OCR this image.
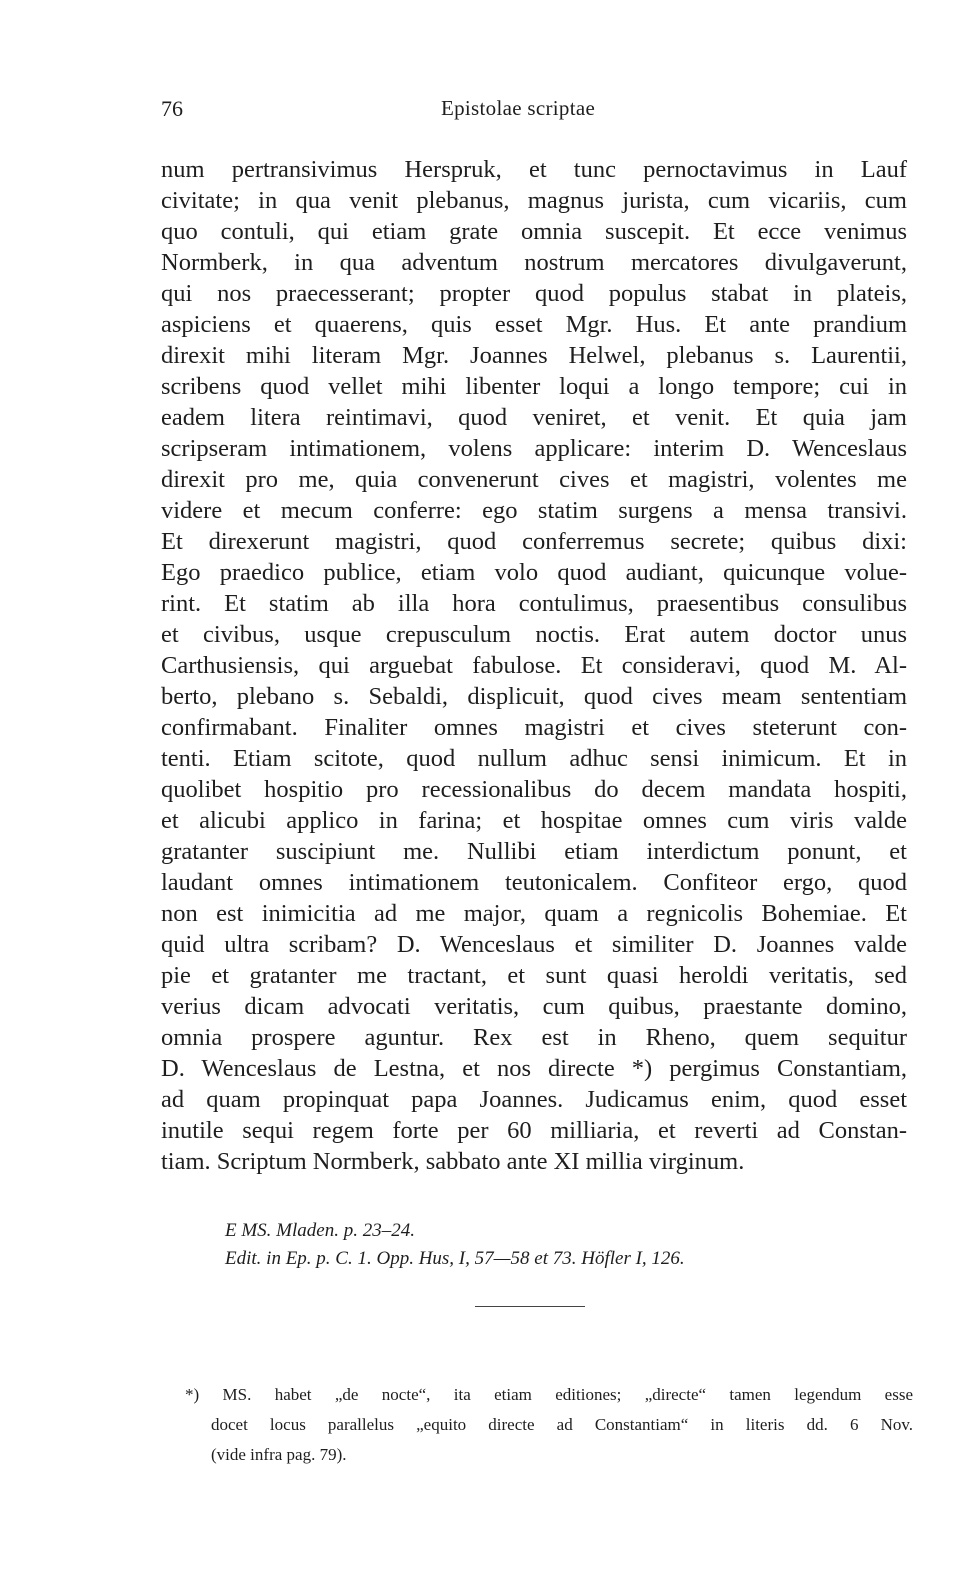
76	Epistolae scriptae
num pertransivimus Herspruk, et tunc pernoctavimus in Lauf
civitate; in qua venit plebanus, magnus jurista, cum vicariis, cum
quo contuli, qui etiam grate omnia suscepit. Et ecce venimus
Normberk, in qua adventum nostrum mercatores divulgaverunt,
qui nos praecesserant; propter quod populus stabat in plateis,
aspiciens et quaerens, quis esset Mgr. Hus. Et ante prandium
direxit mihi literam Mgr. Joannes Helwel, plebanus s. Laurentii,
scribens quod vellet mihi libenter loqui a longo tempore; cui in
eadem litera reintimavi, quod veniret, et venit. Et quia jam
scripseram intimationem, volens applicare: interim D. Wenceslaus
direxit pro me, quia convenerunt cives et magistri, volentes me
videre et mecum conferre: ego statim surgens a mensa transivi.
Et direxerunt magistri, quod conferremus secrete; quibus dixi:
Ego praedico publice, etiam volo quod audiant, quicunque volue-
rint. Et statim ab illa hora contulimus, praesentibus consulibus
et civibus, usque crepusculum noctis. Erat autem doctor unus
Carthusiensis, qui arguebat fabulose. Et consideravi, quod M. Al-
berto, plebano s. Sebaldi, displicuit, quod cives meam sententiam
confirmabant. Finaliter omnes magistri et cives steterunt con-
tenti. Etiam scitote, quod nullum adhuc sensi inimicum. Et in
quolibet hospitio pro recessionalibus do decem mandata hospiti,
et alicubi applico in farina; et hospitae omnes cum viris valde
gratanter suscipiunt me. Nullibi etiam interdictum ponunt, et
laudant omnes intimationem teutonicalem. Confiteor ergo, quod
non est inimicitia ad me major, quam a regnicolis Bohemiae. Et
quid ultra scribam? D. Wenceslaus et similiter D. Joannes valde
pie et gratanter me tractant, et sunt quasi heroldi veritatis, sed
verius dicam advocati veritatis, cum quibus, praestante domino,
omnia prospere aguntur. Rex est in Rheno, quem sequitur
D. Wenceslaus de Lestna, et nos directe *) pergimus Constantiam,
ad quam propinquat papa Joannes. Judicamus enim, quod esset
inutile sequi regem forte per 60 milliaria, et reverti ad Constan-
tiam. Scriptum Normberk, sabbato ante XI millia virginum.
E MS. Mladen. p. 23–24.
Edit. in Ep. p. C. 1. Opp. Hus, I, 57—58 et 73. Höfler I, 126.
*) MS. habet „de nocte“, ita etiam editiones; „directe“ tamen legendum esse
docet locus parallelus „equito directe ad Constantiam“ in literis dd. 6 Nov.
(vide infra pag. 79).
